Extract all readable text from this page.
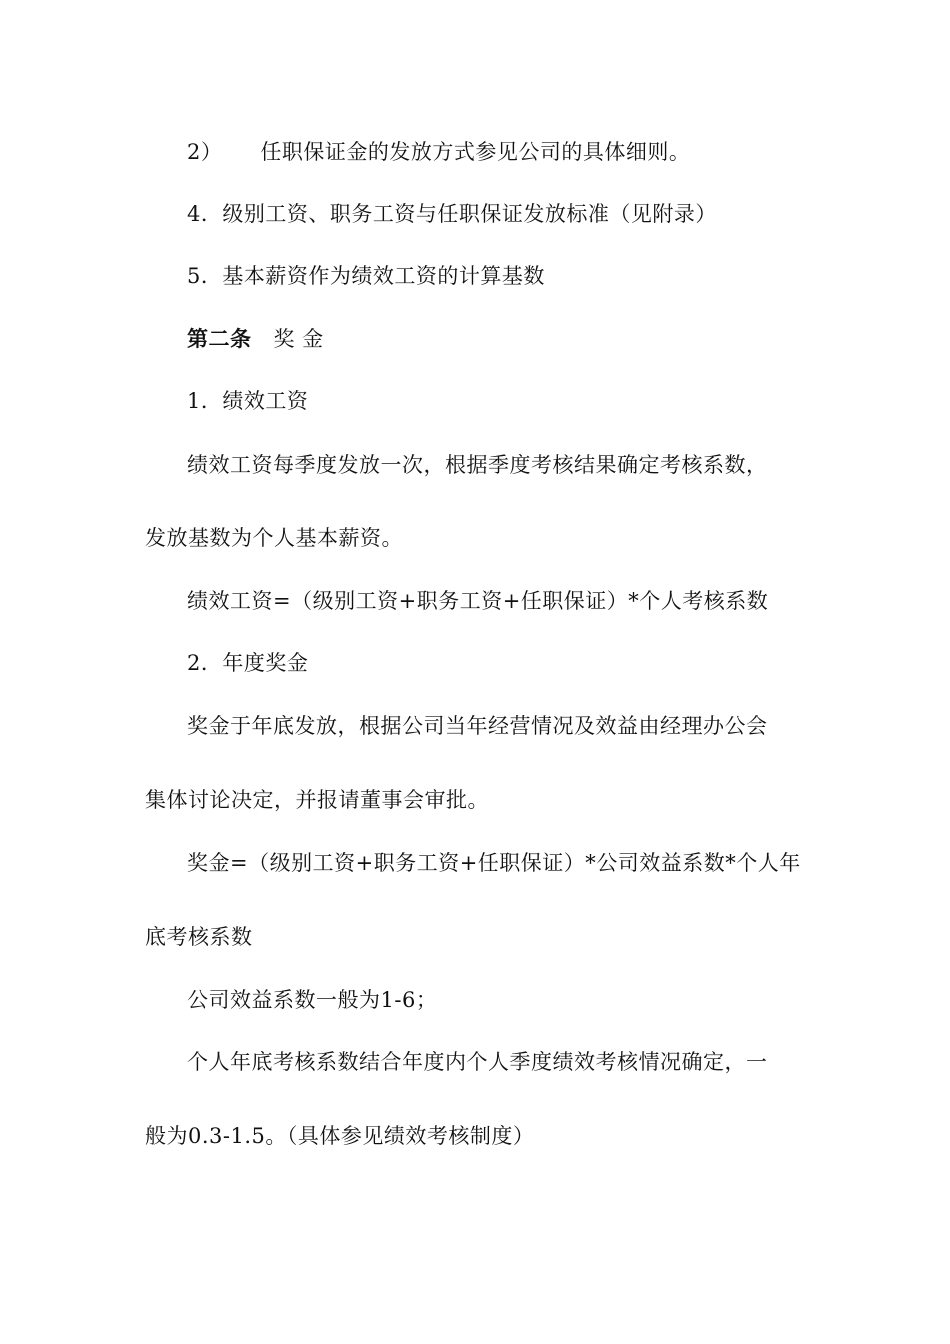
2） 任职保证金的发放方式参见公司的具体细则。
4．级别工资、职务工资与任职保证发放标准（见附录）
5．基本薪资作为绩效工资的计算基数
第二条 奖 金
1．绩效工资
绩效工资每季度发放一次，根据季度考核结果确定考核系数，
发放基数为个人基本薪资。
绩效工资=（级别工资+职务工资+任职保证）*个人考核系数
2．年度奖金
奖金于年底发放，根据公司当年经营情况及效益由经理办公会
集体讨论决定，并报请董事会审批。
奖金=（级别工资+职务工资+任职保证）*公司效益系数*个人年
底考核系数
公司效益系数一般为1-6；
个人年底考核系数结合年度内个人季度绩效考核情况确定，一
般为0.3-1.5。（具体参见绩效考核制度）
